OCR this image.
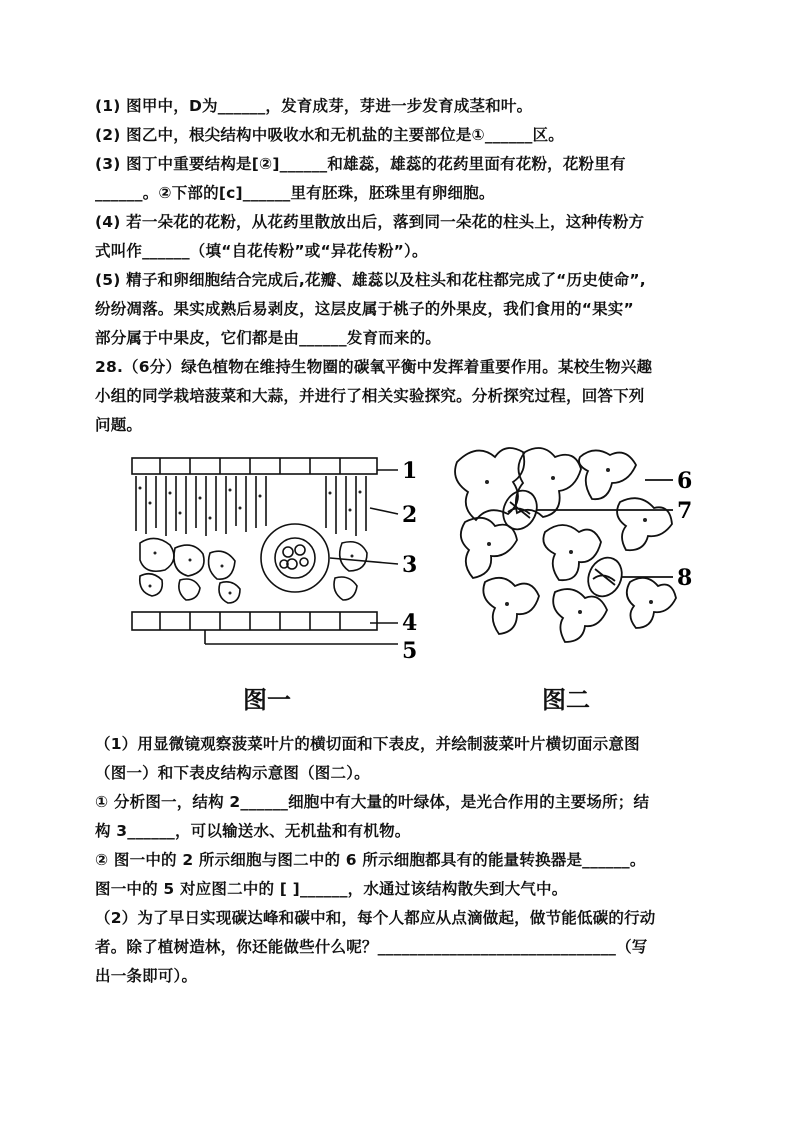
(1) 图甲中，D为______，发育成芽，芽进一步发育成茎和叶。
(2) 图乙中，根尖结构中吸收水和无机盐的主要部位是①______区。
(3) 图丁中重要结构是[②]______和雄蕊，雄蕊的花药里面有花粉，花粉里有
______。②下部的[c]______里有胚珠，胚珠里有卵细胞。
(4) 若一朵花的花粉，从花药里散放出后，落到同一朵花的柱头上，这种传粉方
式叫作______（填“自花传粉”或“异花传粉”）。
(5) 精子和卵细胞结合完成后,花瓣、雄蕊以及柱头和花柱都完成了“历史使命”,
纷纷凋落。果实成熟后易剥皮，这层皮属于桃子的外果皮，我们食用的“果实”
部分属于中果皮，它们都是由______发育而来的。
28.（6分）绿色植物在维持生物圈的碳氧平衡中发挥着重要作用。某校生物兴趣
小组的同学栽培菠菜和大蒜，并进行了相关实验探究。分析探究过程，回答下列
问题。
1
2
3
4
5
图一
6
7
8
图二
（1）用显微镜观察菠菜叶片的横切面和下表皮，并绘制菠菜叶片横切面示意图
（图一）和下表皮结构示意图（图二）。
① 分析图一，结构 2______细胞中有大量的叶绿体，是光合作用的主要场所；结
构 3______，可以输送水、无机盐和有机物。
② 图一中的 2 所示细胞与图二中的 6 所示细胞都具有的能量转换器是______。
图一中的 5 对应图二中的 [ ]______，水通过该结构散失到大气中。
（2）为了早日实现碳达峰和碳中和，每个人都应从点滴做起，做节能低碳的行动
者。除了植树造林，你还能做些什么呢？______________________________（写
出一条即可）。
